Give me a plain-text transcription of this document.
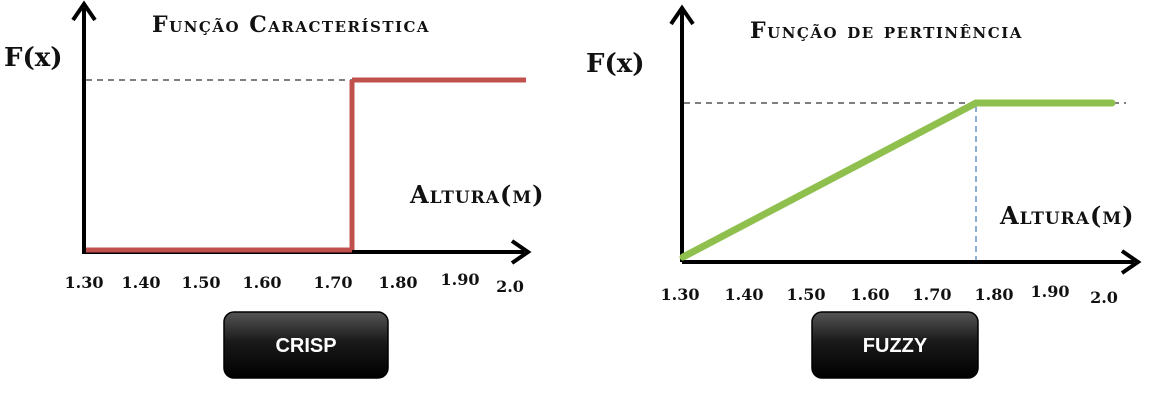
Função Característica
F(x)
Altura(m)
1.30 1.40 1.50 1.60 1.70 1.80 1.90 2.0
CRISP
Função de pertinência
F(x)
Altura(m)
1.30 1.40 1.50 1.60 1.70 1.80 1.90 2.0
FUZZY
